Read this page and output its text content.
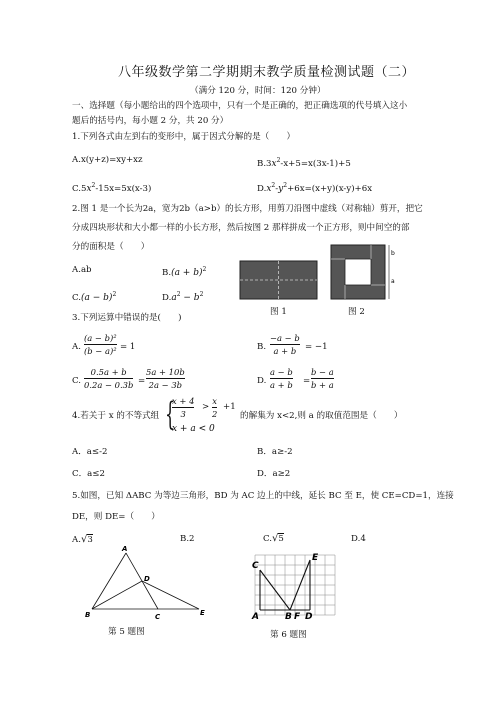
八年级数学第二学期期末教学质量检测试题（二）
（满分 120 分，时间：120 分钟）
一、选择题（每小题给出的四个选项中，只有一个是正确的，把正确选项的代号填入这小
题后的括号内，每小题 2 分，共 20 分）
1.下列各式由左到右的变形中，属于因式分解的是（　　）
A.x(y+z)=xy+xz	$B.3x^2-x+5=x(3x-1)+5$
$C.5x^2-15x=5x(x-3)$	$D.x^2-y^2+6x=(x+y)(x-y)+6x$
2.图 1 是一个长为2a，宽为2b（a>b）的长方形，用剪刀沿图中虚线（对称轴）剪开，把它
分成四块形状和大小都一样的小长方形，然后按图 2 那样拼成一个正方形，则中间空的部
分的面积是（　　）
A.ab	$B.(a + b)^2$
$C.(a - b)^2$	$D.a^2 - b^2$
图 1
b
a
图 2
3.下列运算中错误的是(　　)
A.
(a − b)²
(b − a)² = 1	B.
−a − b
a + b	= −1
C.
0.5a + b
0.2a − 0.3b =
5a + 10b
2a − 3b	D.
a − b
a + b =
b − a
b + a
4.若关于 x 的不等式组 {
x + 4
3
>
x
2
+1
x + a < 0
的解集为 x<2,则 a 的取值范围是（　　）
A．a≤-2	B．a≥-2
C．a≤2	D．a≥2
5.如图，已知 ΔABC 为等边三角形，BD 为 AC 边上的中线，延长 BC 至 E，使 CE=CD=1，连接
DE，则 DE=（　　）
A.√3	B.2	C.√5	D.4
A
B	C
D
E
第 5 题图
C
A	B F D
E
第 6 题图
